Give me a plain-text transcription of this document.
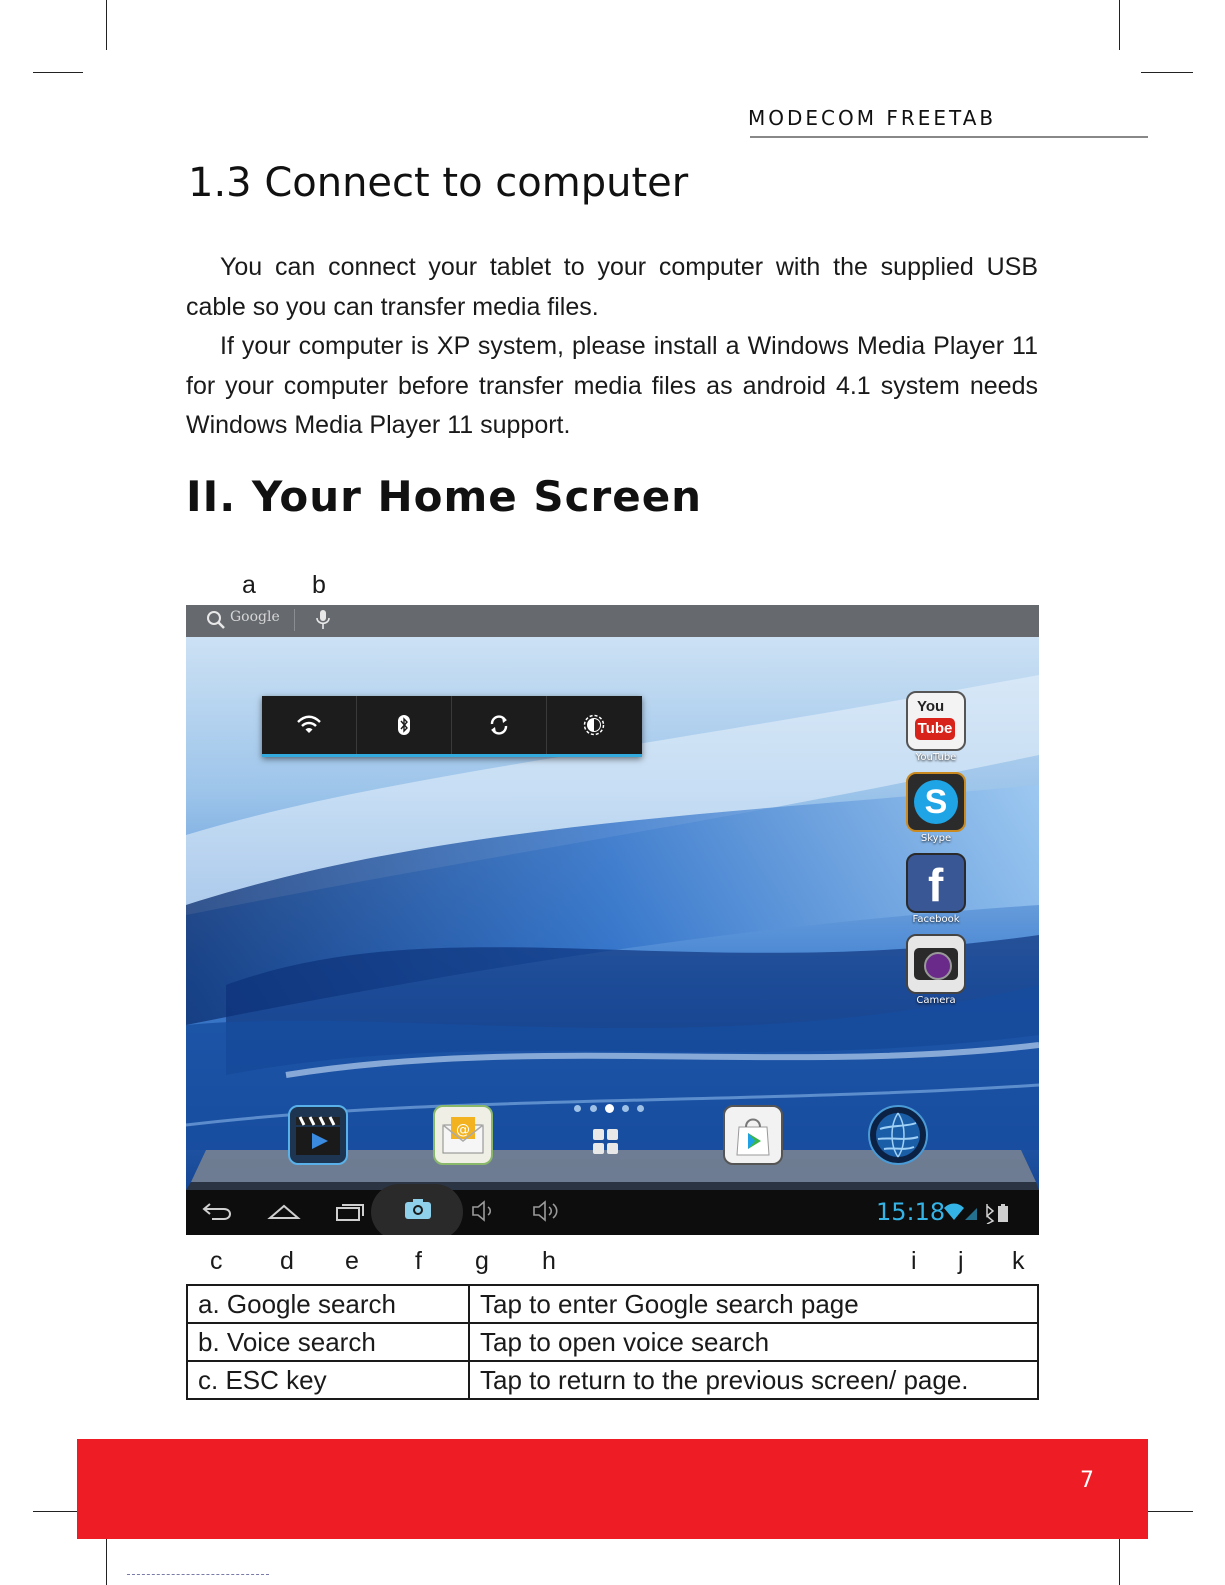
MODECOM FREETAB
1.3 Connect to computer

You can connect your tablet to your computer with the supplied USB cable so you can transfer media files.

If your computer is XP system, please install a Windows Media Player 11 for your computer before transfer media files as android 4.1 system needs Windows Media Player 11 support.

II. Your Home Screen
a b
Google
You
Tube
YouTube
S
Skype
f
Facebook
Camera
@
15:18
c d e f g h	i j k
a. Google search	Tap to enter Google search page
b. Voice search	Tap to open voice search
c. ESC key	Tap to return to the previous screen/ page.
7
